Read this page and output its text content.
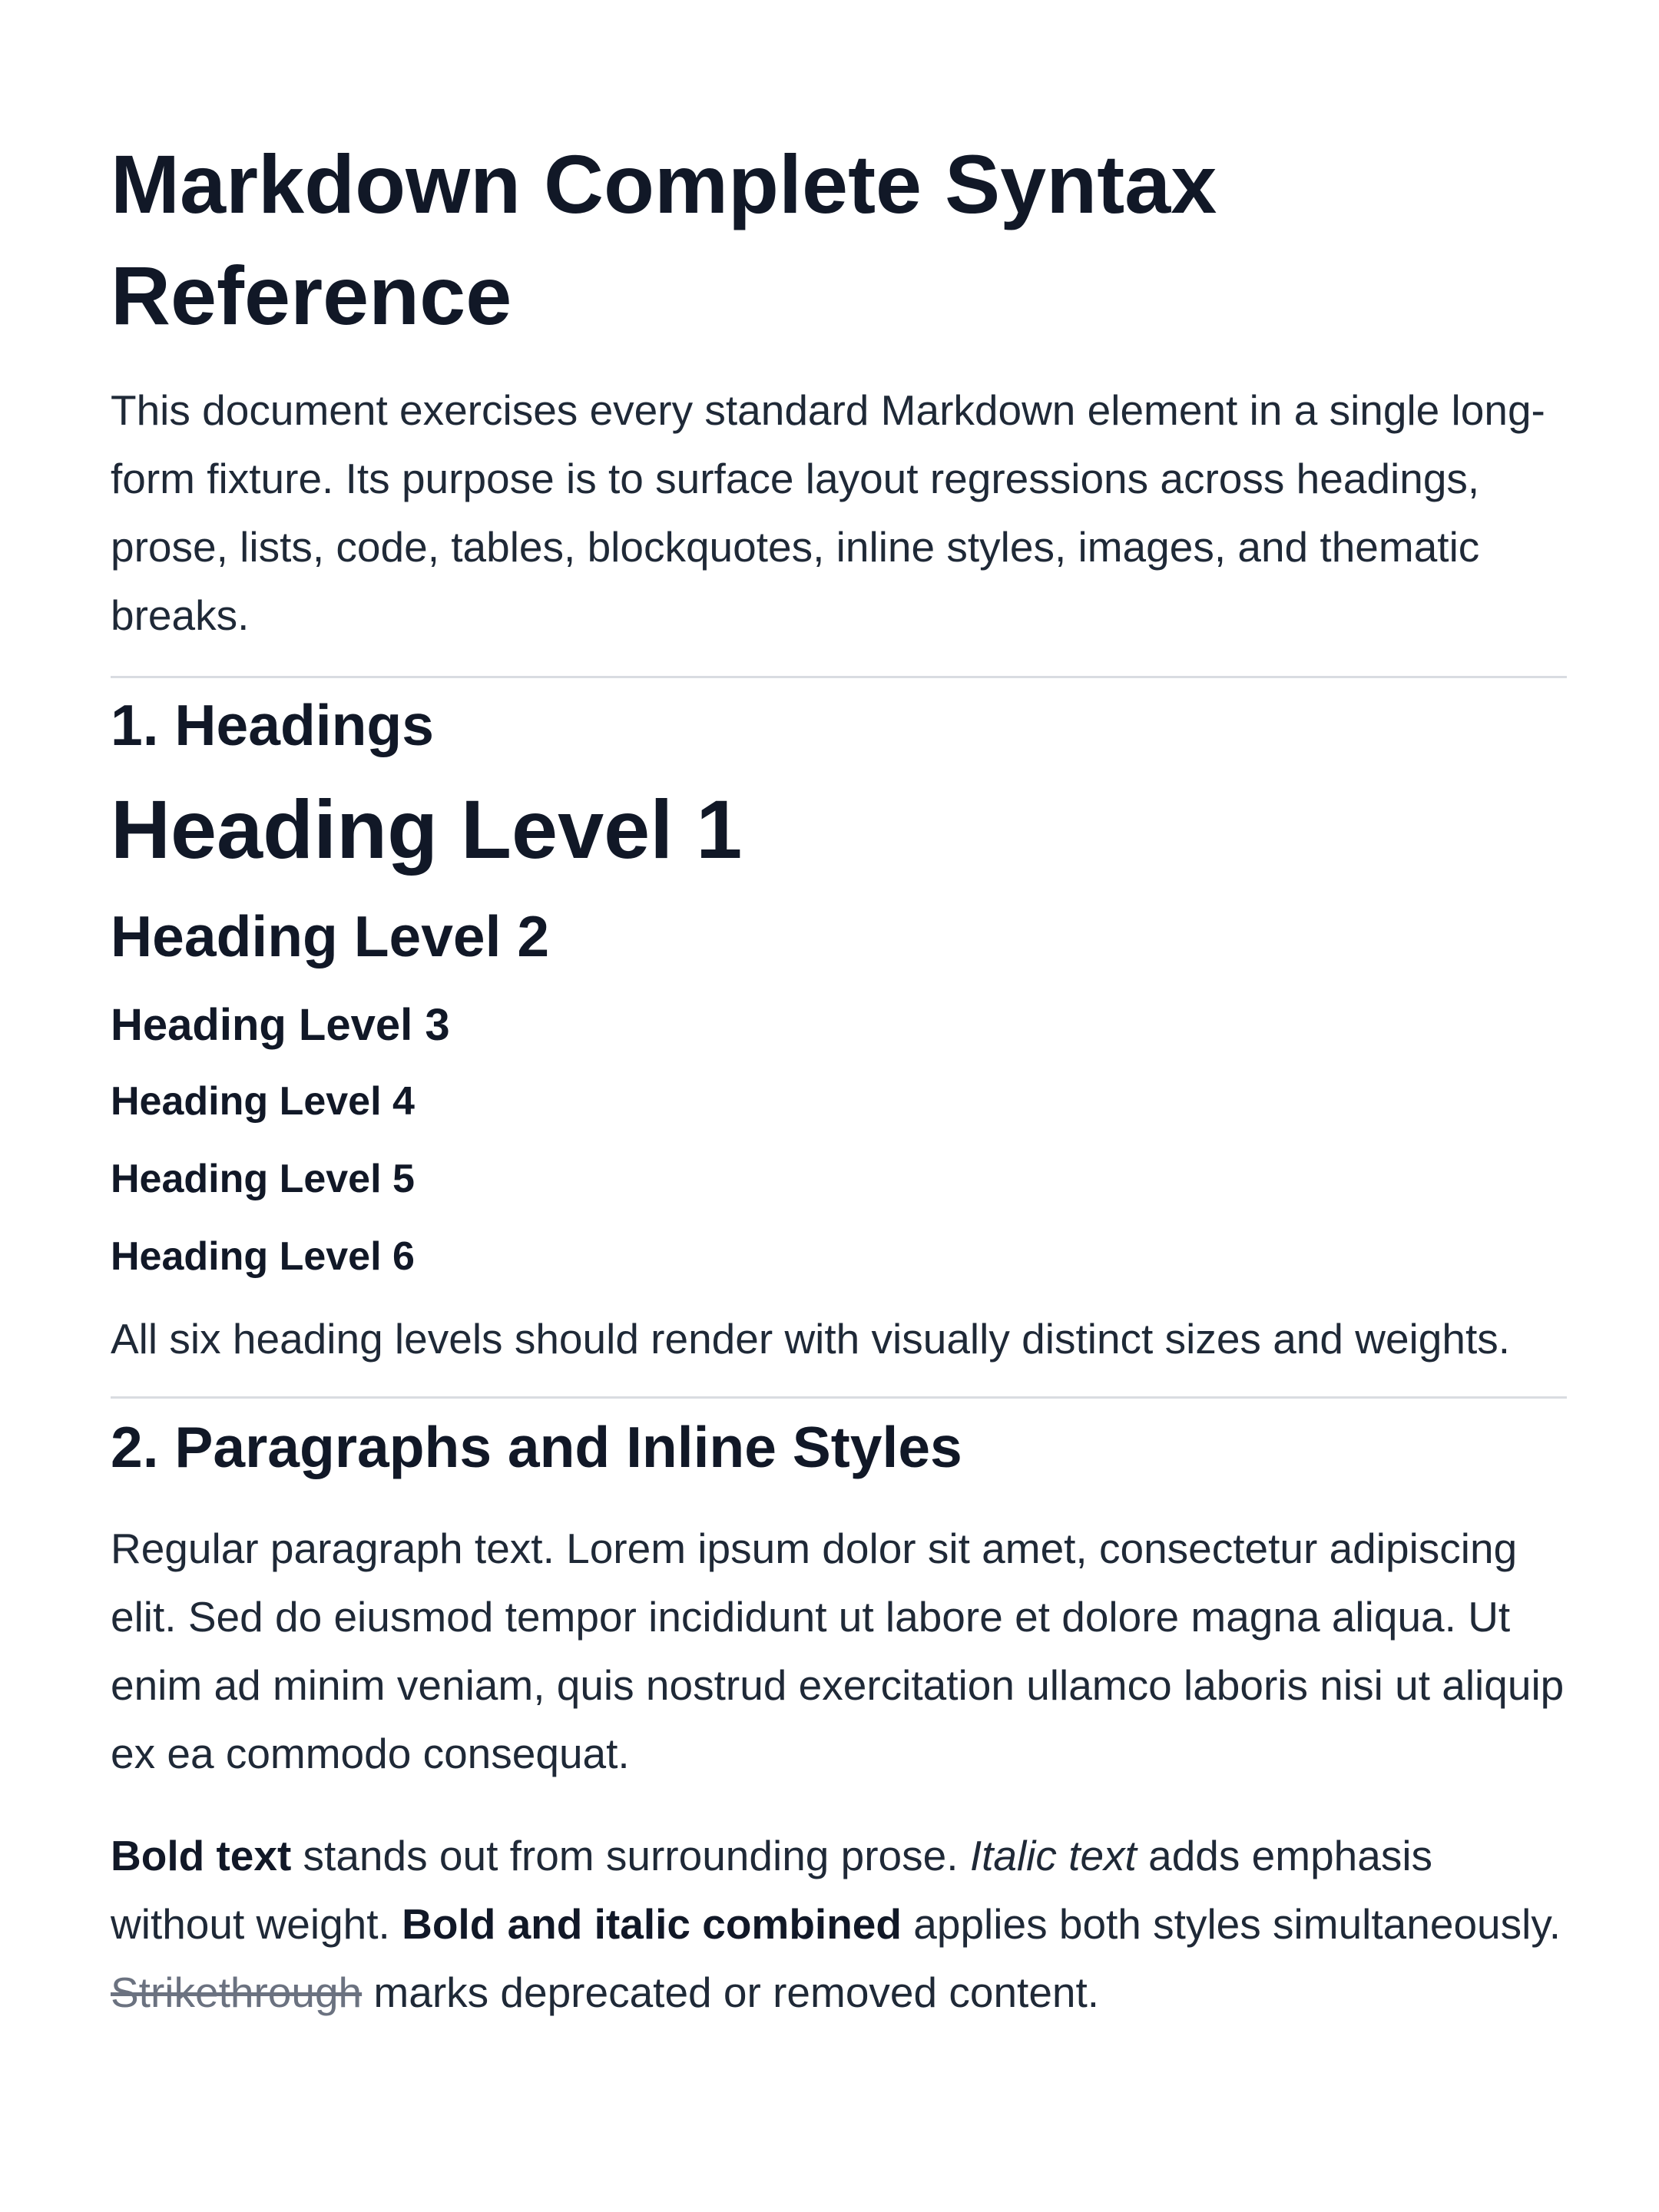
Markdown Complete Syntax Reference

This document exercises every standard Markdown element in a single long-form fixture. Its purpose is to surface layout regressions across headings, prose, lists, code, tables, blockquotes, inline styles, images, and thematic breaks.

1. Headings
Heading Level 1
Heading Level 2
Heading Level 3
Heading Level 4
Heading Level 5
Heading Level 6

All six heading levels should render with visually distinct sizes and weights.

2. Paragraphs and Inline Styles

Regular paragraph text. Lorem ipsum dolor sit amet, consectetur adipiscing elit. Sed do eiusmod tempor incididunt ut labore et dolore magna aliqua. Ut enim ad minim veniam, quis nostrud exercitation ullamco laboris nisi ut aliquip ex ea commodo consequat.

Bold text stands out from surrounding prose. Italic text adds emphasis without weight. Bold and italic combined applies both styles simultaneously. Strikethrough marks deprecated or removed content.
